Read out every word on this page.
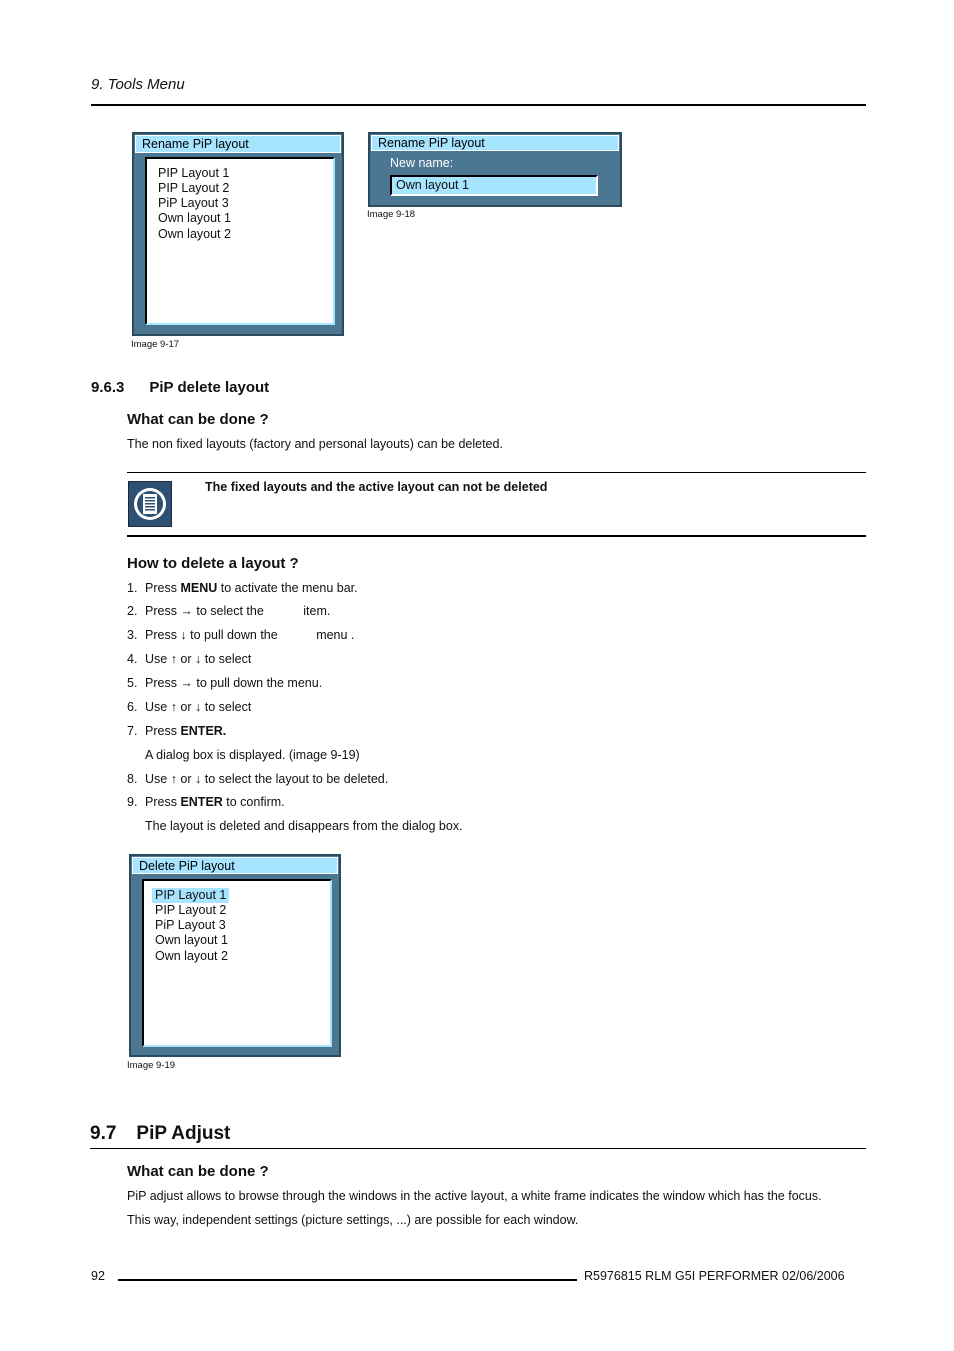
9. Tools Menu
Rename PiP layout
PIP Layout 1
PIP Layout 2
PiP Layout 3
Own layout 1
Own layout 2
Image 9-17
Rename PiP layout
New name:
Own layout 1
Image 9-18
9.6.3 PiP delete layout
What can be done ?
The non fixed layouts (factory and personal layouts) can be deleted.
The fixed layouts and the active layout can not be deleted
How to delete a layout ?
1. Press MENU to activate the menu bar.
2. Press → to select the	item.
3. Press ↓ to pull down the	menu .
4. Use ↑ or ↓ to select
5. Press → to pull down the menu.
6. Use ↑ or ↓ to select
7. Press ENTER.
A dialog box is displayed. (image 9-19)
8. Use ↑ or ↓ to select the layout to be deleted.
9. Press ENTER to confirm.
The layout is deleted and disappears from the dialog box.
Delete PiP layout
PIP Layout 1
PIP Layout 2
PiP Layout 3
Own layout 1
Own layout 2
Image 9-19
9.7 PiP Adjust
What can be done ?
PiP adjust allows to browse through the windows in the active layout, a white frame indicates the window which has the focus.
This way, independent settings (picture settings, ...) are possible for each window.
92	R5976815 RLM G5I PERFORMER 02/06/2006
